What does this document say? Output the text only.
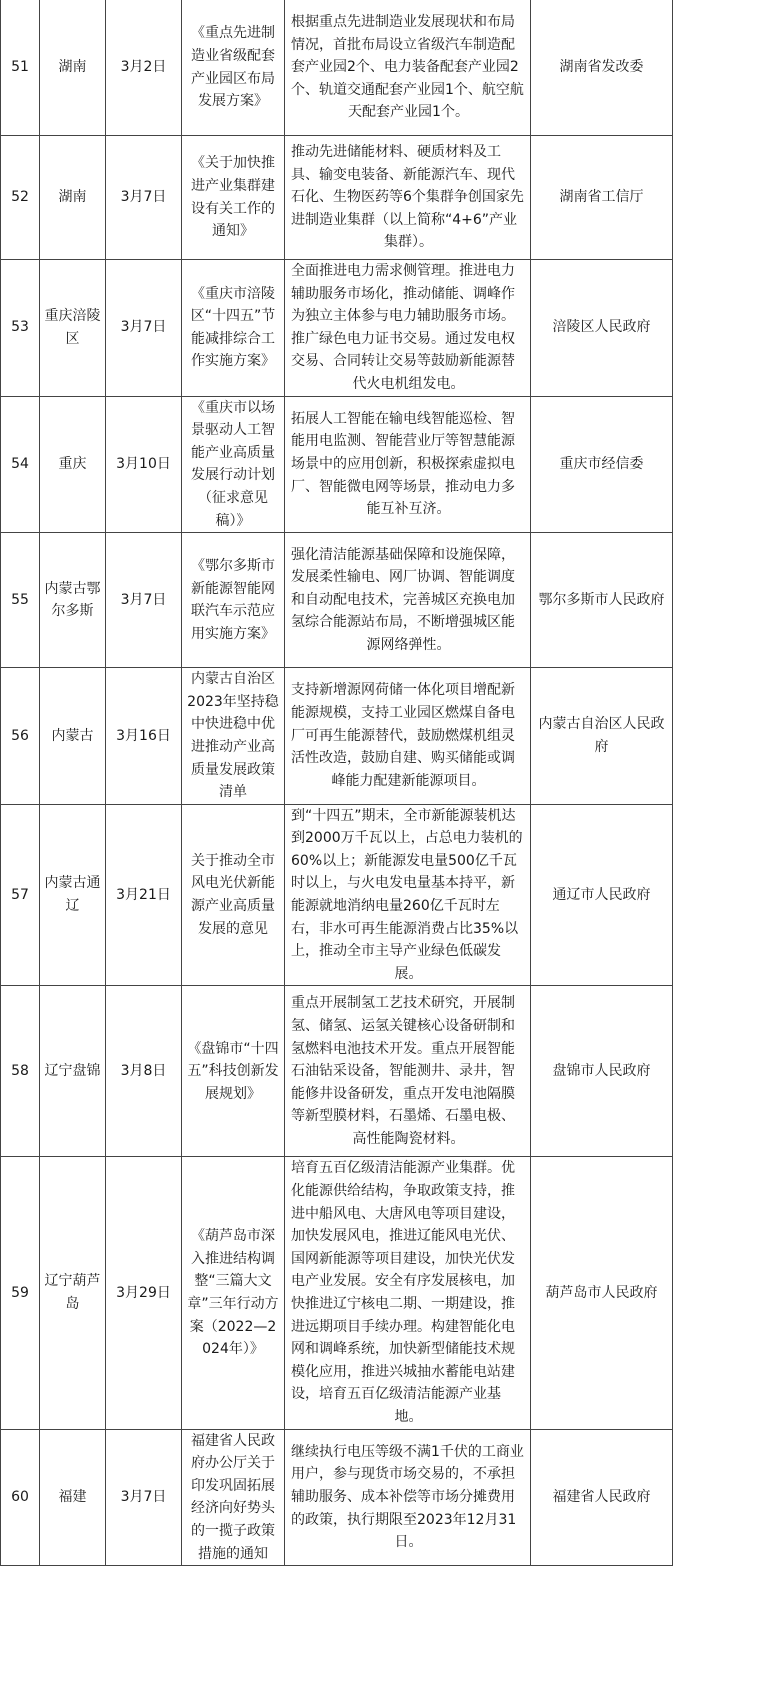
51	湖南	3月2日	《重点先进制造业省级配套产业园区布局发展方案》	根据重点先进制造业发展现状和布局情况，首批布局设立省级汽车制造配套产业园2个、电力装备配套产业园2个、轨道交通配套产业园1个、航空航天配套产业园1个。	湖南省发改委

52	湖南	3月7日	《关于加快推进产业集群建设有关工作的通知》	推动先进储能材料、硬质材料及工具、输变电装备、新能源汽车、现代石化、生物医药等6个集群争创国家先进制造业集群（以上简称“4+6”产业集群）。	湖南省工信厅

53	重庆涪陵区	3月7日	《重庆市涪陵区“十四五”节能减排综合工作实施方案》	全面推进电力需求侧管理。推进电力辅助服务市场化，推动储能、调峰作为独立主体参与电力辅助服务市场。推广绿色电力证书交易。通过发电权交易、合同转让交易等鼓励新能源替代火电机组发电。	涪陵区人民政府

54	重庆	3月10日	《重庆市以场景驱动人工智能产业高质量发展行动计划（征求意见稿）》	拓展人工智能在输电线智能巡检、智能用电监测、智能营业厅等智慧能源场景中的应用创新，积极探索虚拟电厂、智能微电网等场景，推动电力多能互补互济。	重庆市经信委

55	内蒙古鄂尔多斯	3月7日	《鄂尔多斯市新能源智能网联汽车示范应用实施方案》	强化清洁能源基础保障和设施保障，发展柔性输电、网厂协调、智能调度和自动配电技术，完善城区充换电加氢综合能源站布局，不断增强城区能源网络弹性。	鄂尔多斯市人民政府

56	内蒙古	3月16日	内蒙古自治区2023年坚持稳中快进稳中优进推动产业高质量发展政策清单	支持新增源网荷储一体化项目增配新能源规模，支持工业园区燃煤自备电厂可再生能源替代，鼓励燃煤机组灵活性改造，鼓励自建、购买储能或调峰能力配建新能源项目。	内蒙古自治区人民政府

57	内蒙古通辽	3月21日	关于推动全市风电光伏新能源产业高质量发展的意见	到“十四五”期末，全市新能源装机达到2000万千瓦以上，占总电力装机的60%以上；新能源发电量500亿千瓦时以上，与火电发电量基本持平，新能源就地消纳电量260亿千瓦时左右，非水可再生能源消费占比35%以上，推动全市主导产业绿色低碳发展。	通辽市人民政府

58	辽宁盘锦	3月8日	《盘锦市“十四五”科技创新发展规划》	重点开展制氢工艺技术研究，开展制氢、储氢、运氢关键核心设备研制和氢燃料电池技术开发。重点开展智能石油钻采设备，智能测井、录井，智能修井设备研发，重点开发电池隔膜等新型膜材料，石墨烯、石墨电极、高性能陶瓷材料。	盘锦市人民政府

59	辽宁葫芦岛	3月29日	《葫芦岛市深入推进结构调整“三篇大文章”三年行动方案（2022—2024年）》	培育五百亿级清洁能源产业集群。优化能源供给结构，争取政策支持，推进中船风电、大唐风电等项目建设，加快发展风电，推进辽能风电光伏、国网新能源等项目建设，加快光伏发电产业发展。安全有序发展核电，加快推进辽宁核电二期、一期建设，推进远期项目手续办理。构建智能化电网和调峰系统，加快新型储能技术规模化应用，推进兴城抽水蓄能电站建设，培育五百亿级清洁能源产业基地。	葫芦岛市人民政府

60	福建	3月7日	福建省人民政府办公厅关于印发巩固拓展经济向好势头的一揽子政策措施的通知	继续执行电压等级不满1千伏的工商业用户，参与现货市场交易的，不承担辅助服务、成本补偿等市场分摊费用的政策，执行期限至2023年12月31日。	福建省人民政府
